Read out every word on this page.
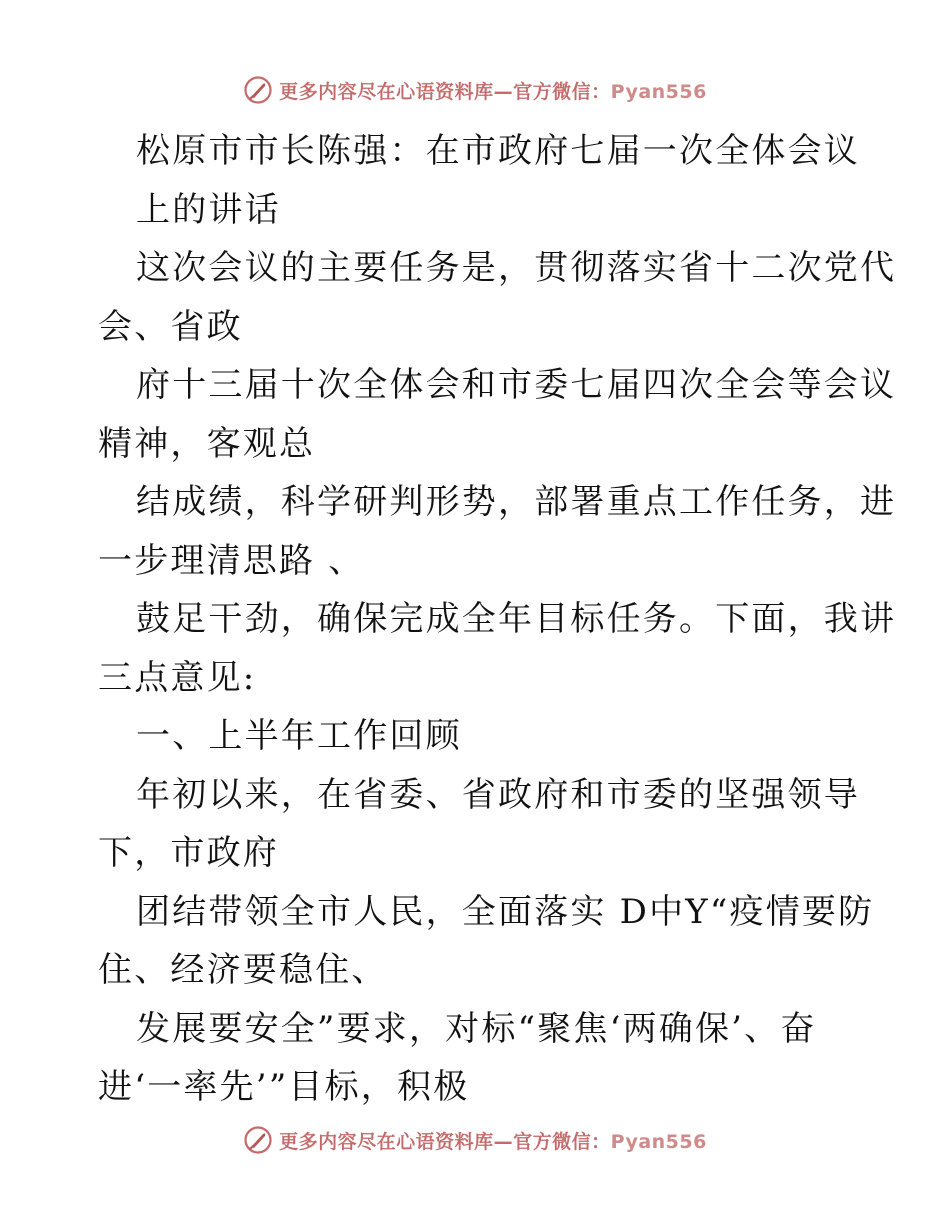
更多内容尽在心语资料库—官方微信：Pyan556
松原市市长陈强：在市政府七届一次全体会议
上的讲话
这次会议的主要任务是，贯彻落实省十二次党代
会、省政
府十三届十次全体会和市委七届四次全会等会议
精神，客观总
结成绩，科学研判形势，部署重点工作任务，进
一步理清思路 、
鼓足干劲，确保完成全年目标任务。下面，我讲
三点意见:
一、上半年工作回顾
年初以来，在省委、省政府和市委的坚强领导
下，市政府
团结带领全市人民，全面落实 D中Y“疫情要防
住、经济要稳住、
发展要安全”要求，对标“聚焦‘两确保’、奋
进‘一率先’”目标，积极
更多内容尽在心语资料库—官方微信：Pyan556
